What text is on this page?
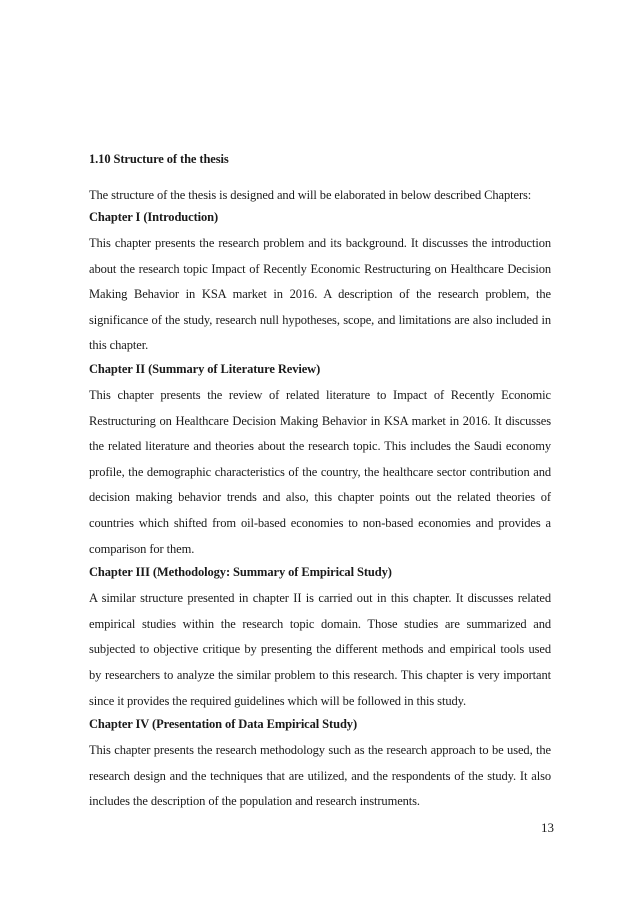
1.10 Structure of the thesis
The structure of the thesis is designed and will be elaborated in below described Chapters:
Chapter I (Introduction)
This chapter presents the research problem and its background. It discusses the introduction about the research topic Impact of Recently Economic Restructuring on Healthcare Decision Making Behavior in KSA market in 2016. A description of the research problem, the significance of the study, research null hypotheses, scope, and limitations are also included in this chapter.
Chapter II (Summary of Literature Review)
This chapter presents the review of related literature to Impact of Recently Economic Restructuring on Healthcare Decision Making Behavior in KSA market in 2016. It discusses the related literature and theories about the research topic. This includes the Saudi economy profile, the demographic characteristics of the country, the healthcare sector contribution and decision making behavior trends and also, this chapter points out the related theories of countries which shifted from oil-based economies to non-based economies and provides a comparison for them.
Chapter III (Methodology: Summary of Empirical Study)
A similar structure presented in chapter II is carried out in this chapter. It discusses related empirical studies within the research topic domain. Those studies are summarized and subjected to objective critique by presenting the different methods and empirical tools used by researchers to analyze the similar problem to this research. This chapter is very important since it provides the required guidelines which will be followed in this study.
Chapter IV (Presentation of Data Empirical Study)
This chapter presents the research methodology such as the research approach to be used, the research design and the techniques that are utilized, and the respondents of the study. It also includes the description of the population and research instruments.
13
